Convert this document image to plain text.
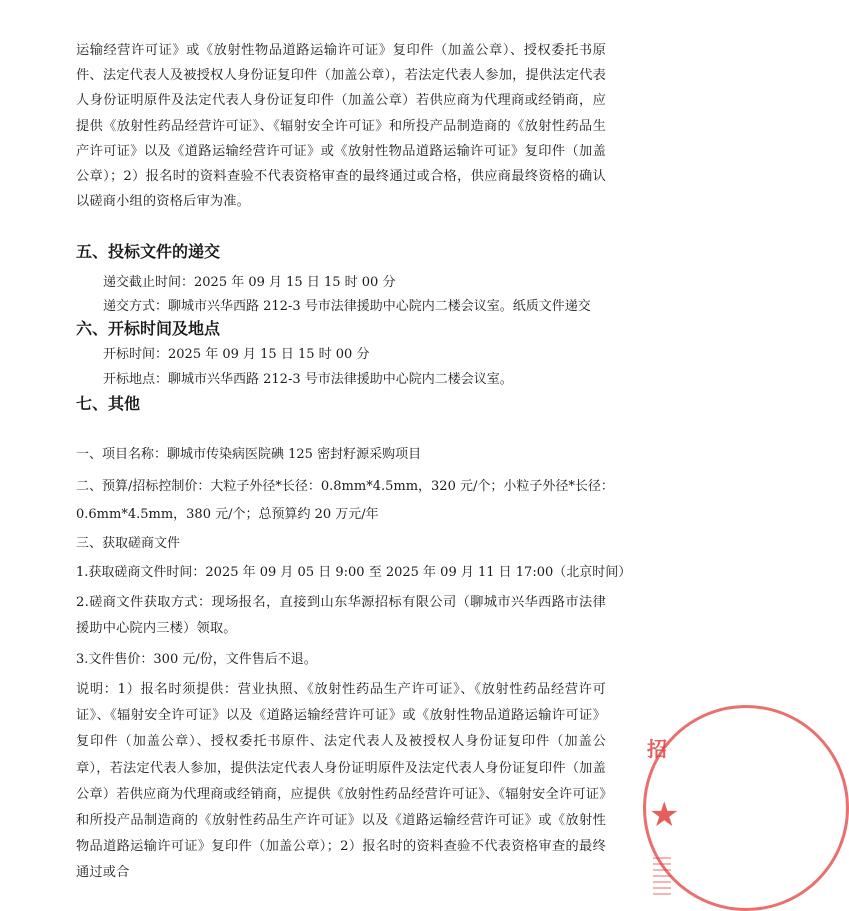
运输经营许可证》或《放射性物品道路运输许可证》复印件（加盖公章）、授权委托书原件、法定代表人及被授权人身份证复印件（加盖公章），若法定代表人参加，提供法定代表人身份证明原件及法定代表人身份证复印件（加盖公章）若供应商为代理商或经销商，应提供《放射性药品经营许可证》、《辐射安全许可证》和所投产品制造商的《放射性药品生产许可证》以及《道路运输经营许可证》或《放射性物品道路运输许可证》复印件（加盖公章）；2）报名时的资料查验不代表资格审查的最终通过或合格，供应商最终资格的确认以磋商小组的资格后审为准。

五、投标文件的递交

递交截止时间：2025 年 09 月 15 日 15 时 00 分

递交方式：聊城市兴华西路 212-3 号市法律援助中心院内二楼会议室。纸质文件递交

六、开标时间及地点

开标时间：2025 年 09 月 15 日 15 时 00 分

开标地点：聊城市兴华西路 212-3 号市法律援助中心院内二楼会议室。

七、其他

一、项目名称：聊城市传染病医院碘 125 密封籽源采购项目

二、预算/招标控制价：大粒子外径*长径：0.8mm*4.5mm，320 元/个；小粒子外径*长径：

0.6mm*4.5mm，380 元/个；总预算约 20 万元/年

三、获取磋商文件

1.获取磋商文件时间：2025 年 09 月 05 日 9:00 至 2025 年 09 月 11 日 17:00（北京时间）

2.磋商文件获取方式：现场报名，直接到山东华源招标有限公司（聊城市兴华西路市法律援助中心院内三楼）领取。

3.文件售价：300 元/份，文件售后不退。

说明：1）报名时须提供：营业执照、《放射性药品生产许可证》、《放射性药品经营许可证》、《辐射安全许可证》以及《道路运输经营许可证》或《放射性物品道路运输许可证》复印件（加盖公章）、授权委托书原件、法定代表人及被授权人身份证复印件（加盖公章），若法定代表人参加，提供法定代表人身份证明原件及法定代表人身份证复印件（加盖公章）若供应商为代理商或经销商，应提供《放射性药品经营许可证》、《辐射安全许可证》和所投产品制造商的《放射性药品生产许可证》以及《道路运输经营许可证》或《放射性物品道路运输许可证》复印件（加盖公章）；2）报名时的资料查验不代表资格审查的最终通过或合

招
★
